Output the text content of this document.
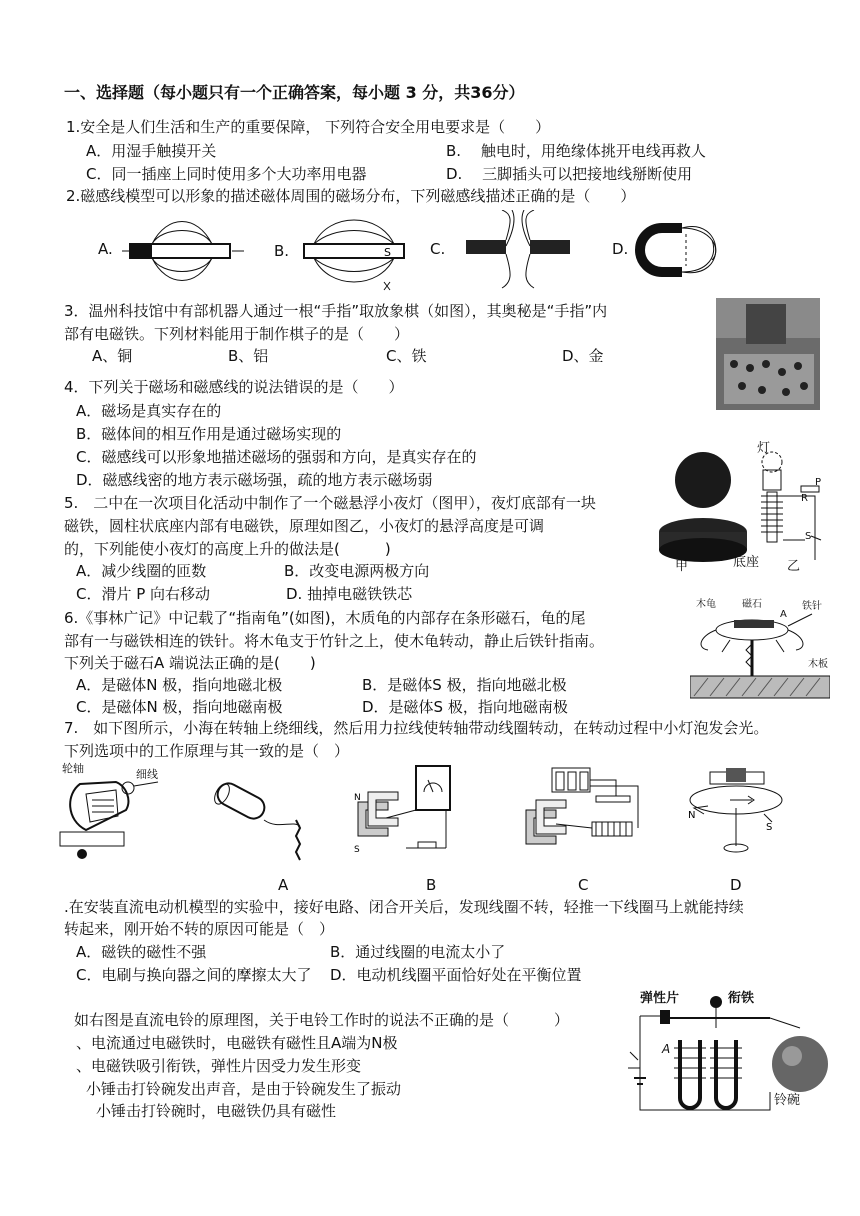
一、选择题（每小题只有一个正确答案，每小题 3 分，共36分）
1.安全是人们生活和生产的重要保障， 下列符合安全用电要求是（　　）
A．用湿手触摸开关	B.　 触电时，用绝缘体挑开电线再救人
C．同一插座上同时使用多个大功率用电器	D.　 三脚插头可以把接地线掰断使用
2.磁感线模型可以形象的描述磁体周围的磁场分布，下列磁感线描述正确的是（　　）
A.	B.	S	C.	D.
3．温州科技馆中有部机器人通过一根“手指”取放象棋（如图），其奥秘是“手指”内
部有电磁铁。下列材料能用于制作棋子的是（　　）
A、铜	B、铝	C、铁	D、金
4．下列关于磁场和磁感线的说法错误的是（　　）
A．磁场是真实存在的
B．磁体间的相互作用是通过磁场实现的
C．磁感线可以形象地描述磁场的强弱和方向，是真实存在的
D．磁感线密的地方表示磁场强，疏的地方表示磁场弱
5.　二中在一次项目化活动中制作了一个磁悬浮小夜灯（图甲），夜灯底部有一块
磁铁，圆柱状底座内部有电磁铁，原理如图乙，小夜灯的悬浮高度是可调
的，下列能使小夜灯的高度上升的做法是(　　　)
A．减少线圈的匝数	B．改变电源两极方向
C．滑片 P 向右移动	D. 抽掉电磁铁铁芯
灯
P
R
S
甲	底座 乙
6.《事林广记》中记载了“指南龟”(如图)，木质龟的内部存在条形磁石，龟的尾
部有一与磁铁相连的铁针。将木龟支于竹针之上，使木龟转动，静止后铁针指南。
下列关于磁石A 端说法正确的是(　　)
A．是磁体N 极，指向地磁北极	B．是磁体S 极，指向地磁北极
C．是磁体N 极，指向地磁南极	D．是磁体S 极，指向地磁南极
木龟	磁石
A
铁针
木板
7.　如下图所示，小海在转轴上绕细线，然后用力拉线使转轴带动线圈转动，在转动过程中小灯泡发会光。
下列选项中的工作原理与其一致的是（　）
轮轴	细线
N
S
N
S
A	B	C	D
.在安装直流电动机模型的实验中，接好电路、闭合开关后，发现线圈不转，轻推一下线圈马上就能持续
转起来，刚开始不转的原因可能是（　）
A．磁铁的磁性不强	B．通过线圈的电流太小了
C．电刷与换向器之间的摩擦太大了 D．电动机线圈平面恰好处在平衡位置
如右图是直流电铃的原理图，关于电铃工作时的说法不正确的是（　　　）
、电流通过电磁铁时，电磁铁有磁性且A端为N极
、电磁铁吸引衔铁，弹性片因受力发生形变
小锤击打铃碗发出声音，是由于铃碗发生了振动
小锤击打铃碗时，电磁铁仍具有磁性
弹性片	衔铁
A
铃碗
